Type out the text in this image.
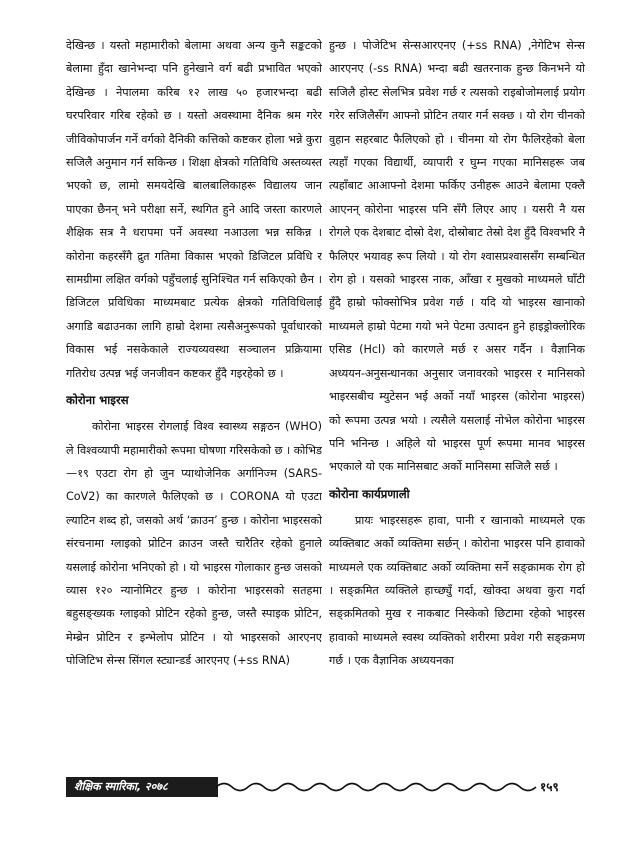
देखिन्छ । यस्तो महामारीको बेलामा अथवा अन्य कुनै सङ्कटको बेलामा हुँदा खानेभन्दा पनि हुनेखाने वर्ग बढी प्रभावित भएको देखिन्छ । नेपालमा करिब १२ लाख ५० हजारभन्दा बढी घरपरिवार गरिब रहेको छ । यस्तो अवस्थामा दैनिक श्रम गरेर जीविकोपार्जन गर्ने वर्गको दैनिकी कत्तिको कष्टकर होला भन्ने कुरा सजिलै अनुमान गर्न सकिन्छ । शिक्षा क्षेत्रको गतिविधि अस्तव्यस्त भएको छ, लामो समयदेखि बालबालिकाहरू विद्यालय जान पाएका छैनन् भने परीक्षा सर्ने, स्थगित हुने आदि जस्ता कारणले शैक्षिक सत्र नै धरापमा पर्ने अवस्था नआउला भन्न सकिन्न । कोरोना कहरसँगै द्रुत गतिमा विकास भएको डिजिटल प्रविधि र सामग्रीमा लक्षित वर्गको पहुँचलाई सुनिश्चित गर्न सकिएको छैन । डिजिटल प्रविधिका माध्यमबाट प्रत्येक क्षेत्रको गतिविधिलाई अगाडि बढाउनका लागि हाम्रो देशमा त्यसैअनुरूपको पूर्वाधारको विकास भई नसकेकाले राज्यव्यवस्था सञ्चालन प्रक्रियामा गतिरोध उत्पन्न भई जनजीवन कष्टकर हुँदै गइरहेको छ ।

कोरोना भाइरस

कोरोना भाइरस रोगलाई विश्व स्वास्थ्य सङ्गठन (WHO) ले विश्वव्यापी महामारीको रूपमा घोषणा गरिसकेको छ । कोभिड—१९ एउटा रोग हो जुन प्याथोजेनिक अर्गानिज्म (SARS-CoV2) का कारणले फैलिएको छ । CORONA यो एउटा ल्याटिन शब्द हो, जसको अर्थ ‘क्राउन’ हुन्छ । कोरोना भाइरसको संरचनामा ग्लाइको प्रोटिन क्राउन जस्तै चारैतिर रहेको हुनाले यसलाई कोरोना भनिएको हो । यो भाइरस गोलाकार हुन्छ जसको व्यास १२० न्यानोमिटर हुन्छ । कोरोना भाइरसको सतहमा बहुसङ्ख्यक ग्लाइको प्रोटिन रहेको हुन्छ, जस्तै स्पाइक प्रोटिन, मेम्ब्रेन प्रोटिन र इन्भेलोप प्रोटिन । यो भाइरसको आरएनए पोजिटिभ सेन्स सिंगल स्ट्यान्डर्ड आरएनए (+ss RNA)

हुन्छ । पोजेटिभ सेन्सआरएनए (+ss RNA) ,नेगेटिभ सेन्स आरएनए (-ss RNA) भन्दा बढी खतरनाक हुन्छ किनभने यो सजिलै होस्ट सेलभित्र प्रवेश गर्छ र त्यसको राइबोजोमलाई प्रयोग गरेर सजिलैसँग आफ्नो प्रोटिन तयार गर्न सक्छ । यो रोग चीनको वुहान सहरबाट फैलिएको हो । चीनमा यो रोग फैलिरहेको बेला त्यहाँ गएका विद्यार्थी, व्यापारी र घुम्न गएका मानिसहरू जब त्यहाँबाट आआफ्नो देशमा फर्किए उनीहरू आउने बेलामा एक्लै आएनन् कोरोना भाइरस पनि सँगै लिएर आए । यसरी नै यस रोगले एक देशबाट दोस्रो देश, दोस्रोबाट तेस्रो देश हुँदै विश्वभरि नै फैलिएर भयावह रूप लियो । यो रोग श्वासप्रश्वाससँग सम्बन्धित रोग हो । यसको भाइरस नाक, आँखा र मुखको माध्यमले घाँटी हुँदै हाम्रो फोक्सोभित्र प्रवेश गर्छ । यदि यो भाइरस खानाको माध्यमले हाम्रो पेटमा गयो भने पेटमा उत्पादन हुने हाइड्रोक्लोरिक एसिड (Hcl) को कारणले मर्छ र असर गर्दैन । वैज्ञानिक अध्ययन-अनुसन्धानका अनुसार जनावरको भाइरस र मानिसको भाइरसबीच म्युटेसन भई अर्को नयाँ भाइरस (कोरोना भाइरस) को रूपमा उत्पन्न भयो । त्यसैले यसलाई नोभेल कोरोना भाइरस पनि भनिन्छ । अहिले यो भाइरस पूर्ण रूपमा मानव भाइरस भएकाले यो एक मानिसबाट अर्को मानिसमा सजिलै सर्छ ।

कोरोना कार्यप्रणाली

प्रायः भाइरसहरू हावा, पानी र खानाको माध्यमले एक व्यक्तिबाट अर्को व्यक्तिमा सर्छन् । कोरोना भाइरस पनि हावाको माध्यमले एक व्यक्तिबाट अर्को व्यक्तिमा सर्ने सङ्क्रामक रोग हो । सङ्क्रमित व्यक्तिले हाच्छ्युँ गर्दा, खोक्दा अथवा कुरा गर्दा सङ्क्रमितको मुख र नाकबाट निस्केको छिटामा रहेको भाइरस हावाको माध्यमले स्वस्थ व्यक्तिको शरीरमा प्रवेश गरी सङ्क्रमण गर्छ । एक वैज्ञानिक अध्ययनका

शैक्षिक स्मारिका, २०७८	१५९
